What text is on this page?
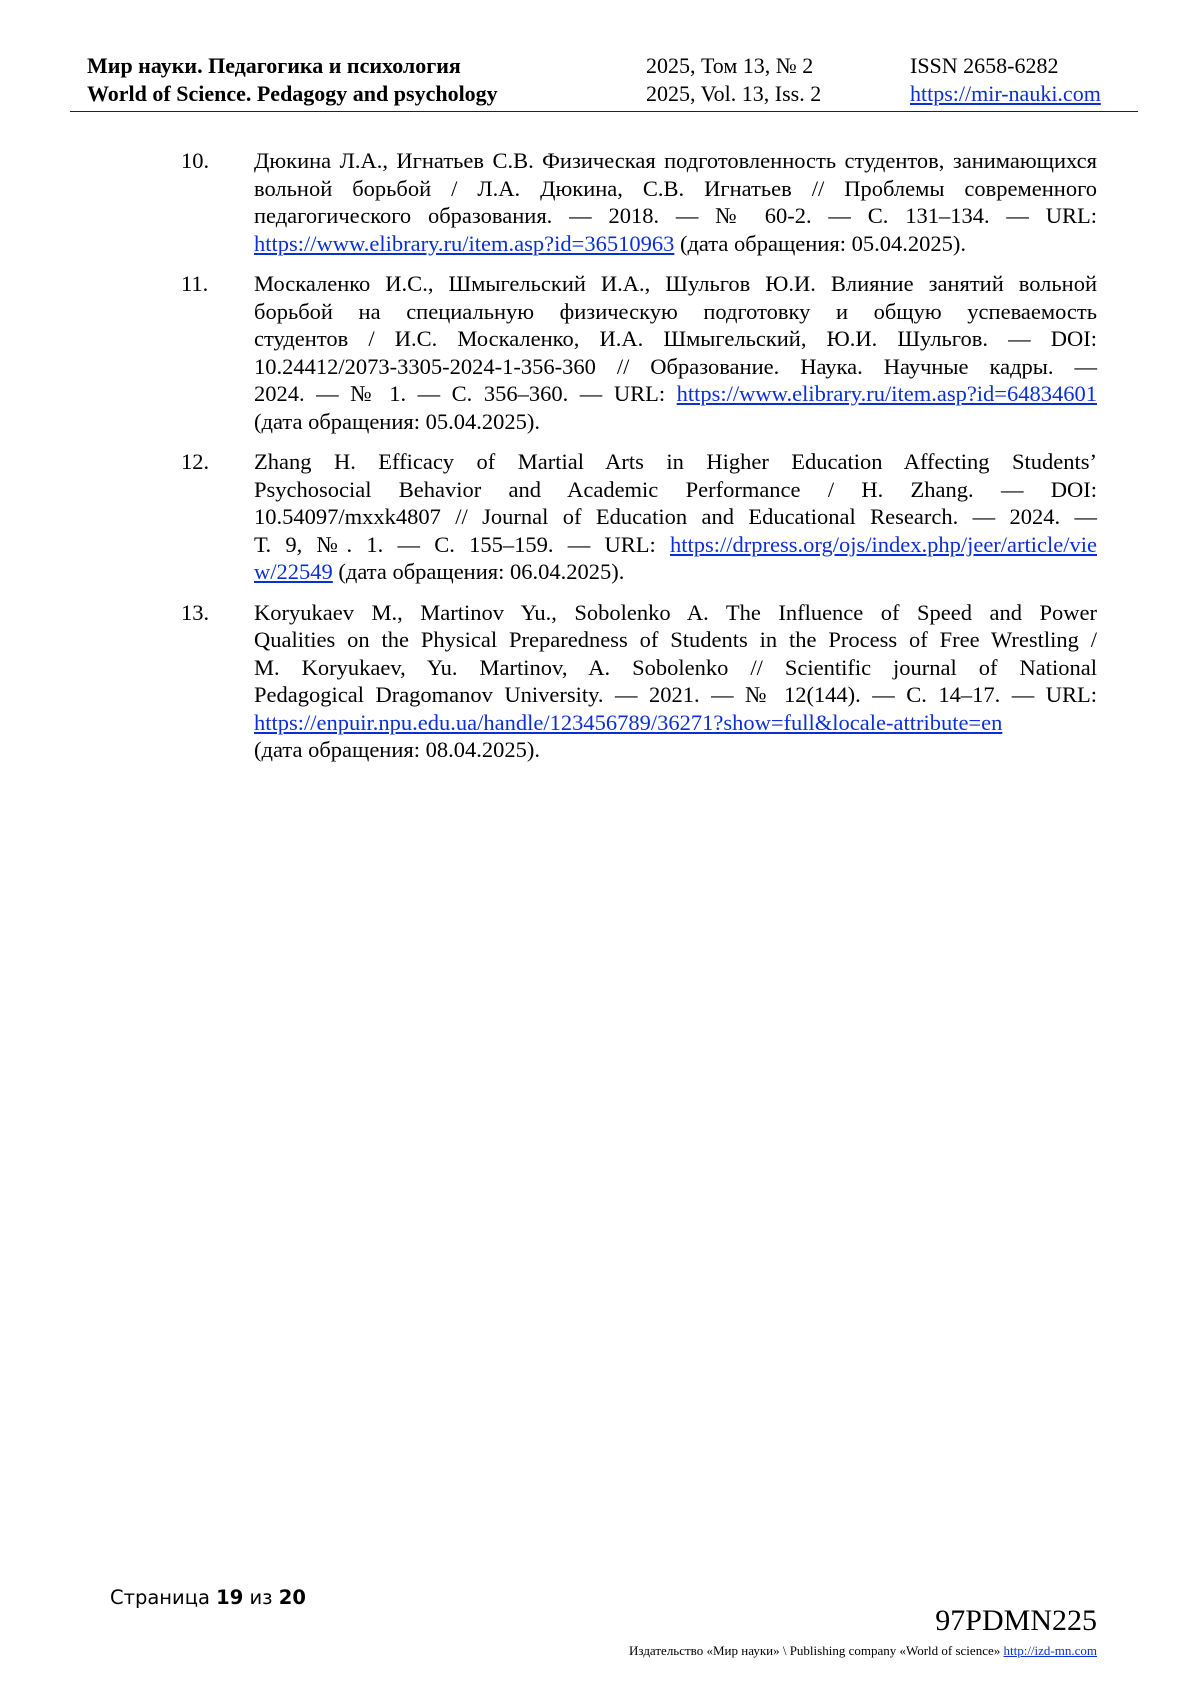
Мир науки. Педагогика и психология	2025, Том 13, № 2	ISSN 2658-6282
World of Science. Pedagogy and psychology	2025, Vol. 13, Iss. 2	https://mir-nauki.com
10. Дюкина Л.А., Игнатьев С.В. Физическая подготовленность студентов, занимающихся
вольной борьбой / Л.А. Дюкина, С.В. Игнатьев // Проблемы современного
педагогического образования. — 2018. — № 60-2. — С. 131–134. — URL:
https://www.elibrary.ru/item.asp?id=36510963 (дата обращения: 05.04.2025).
11. Москаленко И.С., Шмыгельский И.А., Шульгов Ю.И. Влияние занятий вольной
борьбой на специальную физическую подготовку и общую успеваемость
студентов / И.С. Москаленко, И.А. Шмыгельский, Ю.И. Шульгов. — DOI:
10.24412/2073-3305-2024-1-356-360 // Образование. Наука. Научные кадры. —
2024. — № 1. — С. 356–360. — URL: https://www.elibrary.ru/item.asp?id=64834601
(дата обращения: 05.04.2025).
12. Zhang H. Efficacy of Martial Arts in Higher Education Affecting Students’
Psychosocial Behavior and Academic Performance / H. Zhang. — DOI:
10.54097/mxxk4807 // Journal of Education and Educational Research. — 2024. —
Т. 9, №. 1. — С. 155–159. — URL: https://drpress.org/ojs/index.php/jeer/article/vie
w/22549 (дата обращения: 06.04.2025).
13. Koryukaev M., Martinov Yu., Sobolenko A. The Influence of Speed and Power
Qualities on the Physical Preparedness of Students in the Process of Free Wrestling /
M. Koryukaev, Yu. Martinov, A. Sobolenko // Scientific journal of National
Pedagogical Dragomanov University. — 2021. — № 12(144). — С. 14–17. — URL:
https://enpuir.npu.edu.ua/handle/123456789/36271?show=full&locale-attribute=en
(дата обращения: 08.04.2025).
Страница 19 из 20
97PDMN225
Издательство «Мир науки» \ Publishing company «World of science» http://izd-mn.com
